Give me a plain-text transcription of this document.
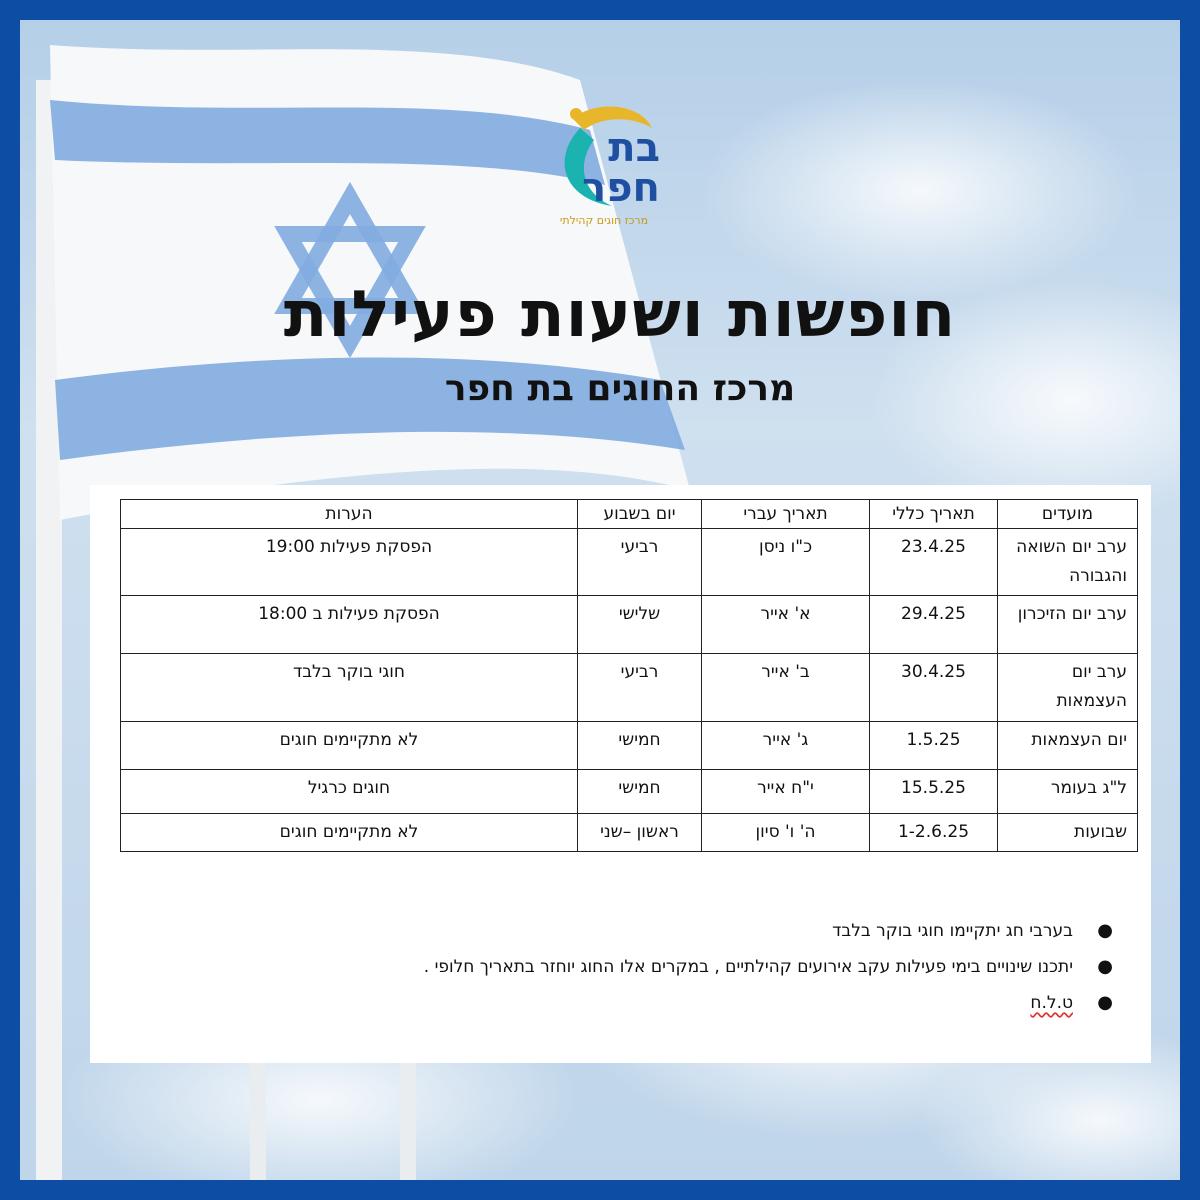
בת
חפר
מרכז חוגים קהילתי
חופשות ושעות פעילות
מרכז החוגים בת חפר
מועדים	תאריך כללי	תאריך עברי	יום בשבוע	הערות
ערב יום השואה והגבורה	23.4.25	כ"ו ניסן	רביעי	הפסקת פעילות 19:00
ערב יום הזיכרון	29.4.25	א' אייר	שלישי	הפסקת פעילות ב 18:00
ערב יום העצמאות	30.4.25	ב' אייר	רביעי	חוגי בוקר בלבד
יום העצמאות	1.5.25	ג' אייר	חמישי	לא מתקיימים חוגים
ל"ג בעומר	15.5.25	י"ח אייר	חמישי	חוגים כרגיל
שבועות	1-2.6.25	ה' ו' סיון	ראשון –שני	לא מתקיימים חוגים
●
בערבי חג יתקיימו חוגי בוקר בלבד
●
יתכנו שינויים בימי פעילות עקב אירועים קהילתיים , במקרים אלו החוג יוחזר בתאריך חלופי .
●
ט.ל.ח
